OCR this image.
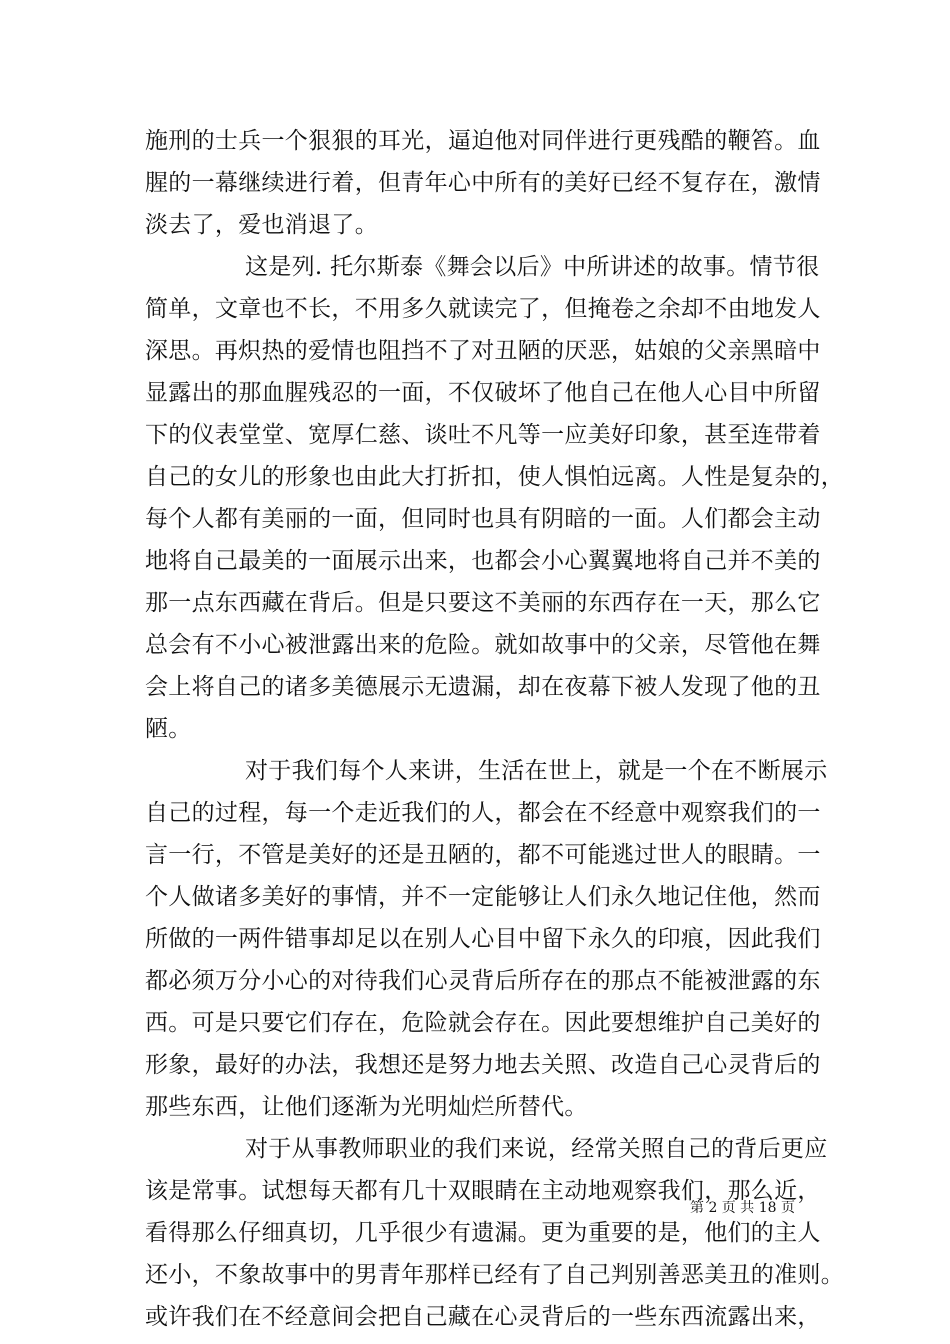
施刑的士兵一个狠狠的耳光，逼迫他对同伴进行更残酷的鞭笞。血
腥的一幕继续进行着，但青年心中所有的美好已经不复存在，激情
淡去了，爱也消退了。
这是列. 托尔斯泰《舞会以后》中所讲述的故事。情节很
简单，文章也不长，不用多久就读完了，但掩卷之余却不由地发人
深思。再炽热的爱情也阻挡不了对丑陋的厌恶，姑娘的父亲黑暗中
显露出的那血腥残忍的一面，不仅破坏了他自己在他人心目中所留
下的仪表堂堂、宽厚仁慈、谈吐不凡等一应美好印象，甚至连带着
自己的女儿的形象也由此大打折扣，使人惧怕远离。人性是复杂的，
每个人都有美丽的一面，但同时也具有阴暗的一面。人们都会主动
地将自己最美的一面展示出来，也都会小心翼翼地将自己并不美的
那一点东西藏在背后。但是只要这不美丽的东西存在一天，那么它
总会有不小心被泄露出来的危险。就如故事中的父亲，尽管他在舞
会上将自己的诸多美德展示无遗漏，却在夜幕下被人发现了他的丑
陋。
对于我们每个人来讲，生活在世上，就是一个在不断展示
自己的过程，每一个走近我们的人，都会在不经意中观察我们的一
言一行，不管是美好的还是丑陋的，都不可能逃过世人的眼睛。一
个人做诸多美好的事情，并不一定能够让人们永久地记住他，然而
所做的一两件错事却足以在别人心目中留下永久的印痕，因此我们
都必须万分小心的对待我们心灵背后所存在的那点不能被泄露的东
西。可是只要它们存在，危险就会存在。因此要想维护自己美好的
形象，最好的办法，我想还是努力地去关照、改造自己心灵背后的
那些东西，让他们逐渐为光明灿烂所替代。
对于从事教师职业的我们来说，经常关照自己的背后更应
该是常事。试想每天都有几十双眼睛在主动地观察我们，那么近，
看得那么仔细真切，几乎很少有遗漏。更为重要的是，他们的主人
还小，不象故事中的男青年那样已经有了自己判别善恶美丑的准则。
或许我们在不经意间会把自己藏在心灵背后的一些东西流露出来，
第 2 页 共 18 页
